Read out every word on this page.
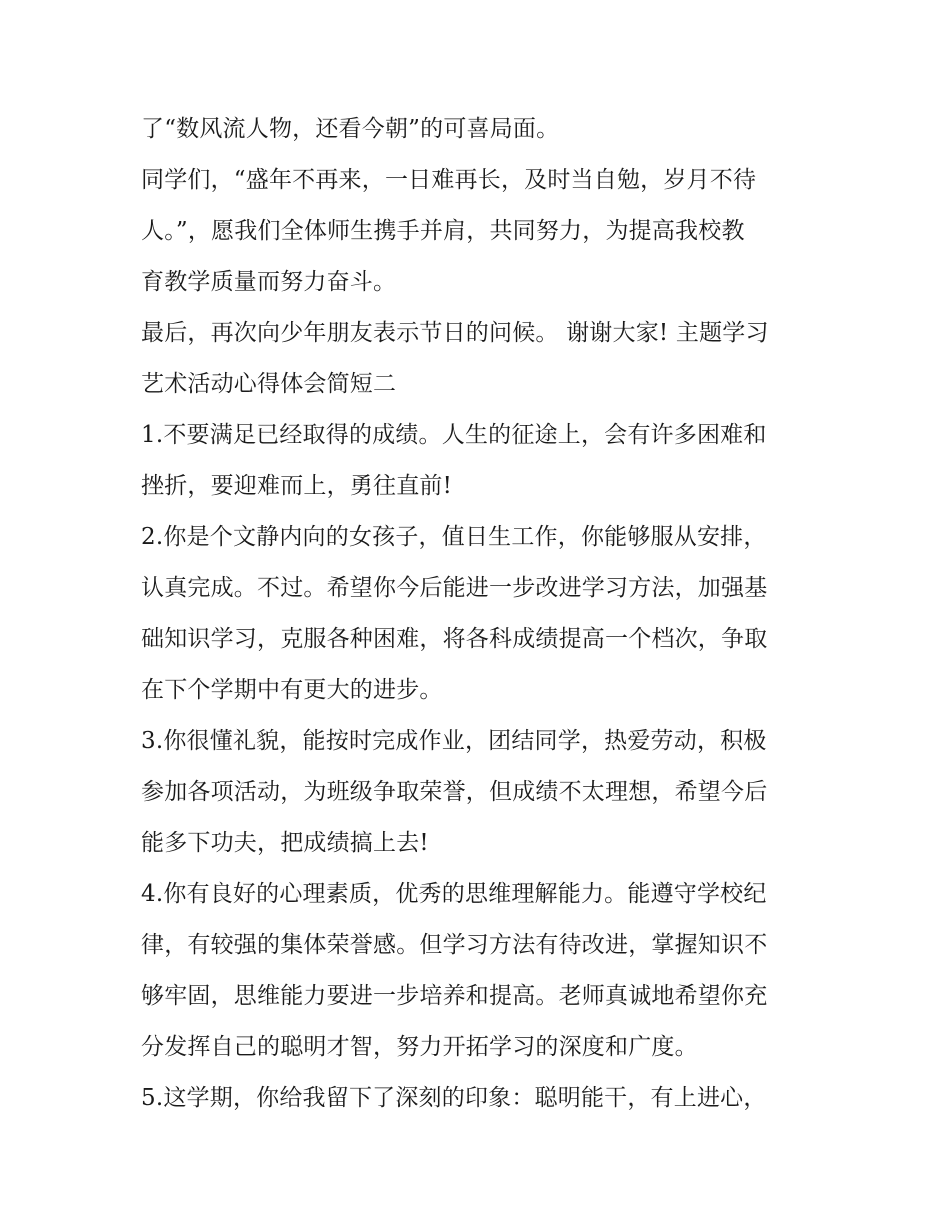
了“数风流人物，还看今朝”的可喜局面。
同学们，“盛年不再来，一日难再长，及时当自勉，岁月不待
人。”，愿我们全体师生携手并肩，共同努力，为提高我校教
育教学质量而努力奋斗。
最后，再次向少年朋友表示节日的问候。 谢谢大家! 主题学习
艺术活动心得体会简短二
1.不要满足已经取得的成绩。人生的征途上，会有许多困难和
挫折，要迎难而上，勇往直前!
2.你是个文静内向的女孩子，值日生工作，你能够服从安排，
认真完成。不过。希望你今后能进一步改进学习方法，加强基
础知识学习，克服各种困难，将各科成绩提高一个档次，争取
在下个学期中有更大的进步。
3.你很懂礼貌，能按时完成作业，团结同学，热爱劳动，积极
参加各项活动，为班级争取荣誉，但成绩不太理想，希望今后
能多下功夫，把成绩搞上去!
4.你有良好的心理素质，优秀的思维理解能力。能遵守学校纪
律，有较强的集体荣誉感。但学习方法有待改进，掌握知识不
够牢固，思维能力要进一步培养和提高。老师真诚地希望你充
分发挥自己的聪明才智，努力开拓学习的深度和广度。
5.这学期，你给我留下了深刻的印象：聪明能干，有上进心，
